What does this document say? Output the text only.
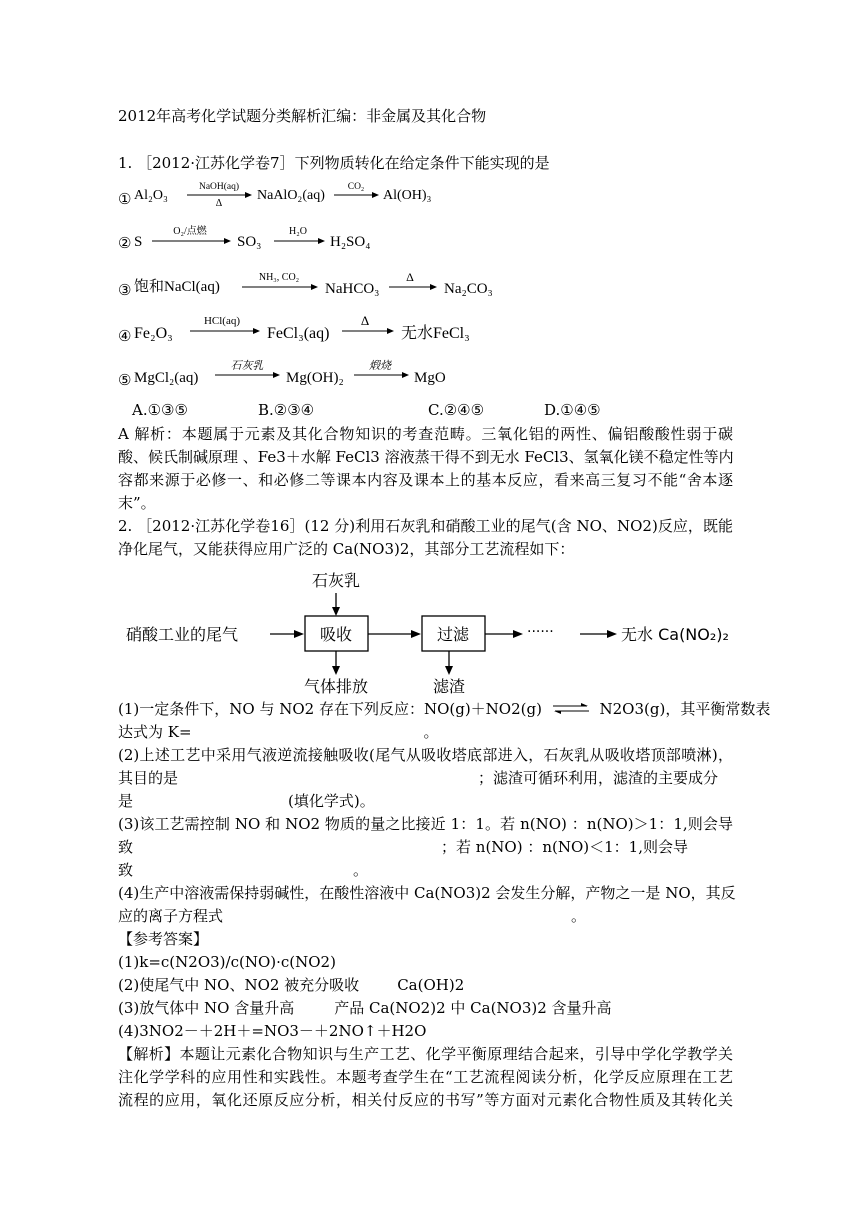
2012年高考化学试题分类解析汇编：非金属及其化合物
1. ［2012·江苏化学卷7］下列物质转化在给定条件下能实现的是
① Al₂O₃
NaOH(aq)
Δ
NaAlO₂(aq)
CO₂
Al(OH)₃
② S
O₂/点燃
SO₃
H₂O
H₂SO₄
③ 饱和NaCl(aq)
NH₃, CO₂
NaHCO₃
Δ
Na₂CO₃
④ Fe₂O₃
HCl(aq)
FeCl₃(aq)
Δ
无水FeCl₃
⑤ MgCl₂(aq)
石灰乳
Mg(OH)₂
煅烧
MgO
A.①③⑤	B.②③④	C.②④⑤	D.①④⑤
A 解析：本题属于元素及其化合物知识的考查范畴。三氧化铝的两性、偏铝酸酸性弱于碳
酸、候氏制碱原理 、Fe3＋水解 FeCl3 溶液蒸干得不到无水 FeCl3、氢氧化镁不稳定性等内
容都来源于必修一、和必修二等课本内容及课本上的基本反应，看来高三复习不能“舍本逐
末”。
2. ［2012·江苏化学卷16］(12 分)利用石灰乳和硝酸工业的尾气(含 NO、NO2)反应，既能
净化尾气，又能获得应用广泛的 Ca(NO3)2，其部分工艺流程如下：
硝酸工业的尾气	吸收
石灰乳
气体排放
过滤
滤渣
······	无水 Ca(NO₂)₂
(1)一定条件下，NO 与 NO2 存在下列反应：NO(g)＋NO2(g) ⇌ N2O3(g)，其平衡常数表
达式为 K=	。
(2)上述工艺中采用气液逆流接触吸收(尾气从吸收塔底部进入，石灰乳从吸收塔顶部喷淋)，
其目的是	；滤渣可循环利用，滤渣的主要成分
是	(填化学式)。
(3)该工艺需控制 NO 和 NO2 物质的量之比接近 1：1。若 n(NO) ：n(NO)＞1：1,则会导
致	；若 n(NO) ：n(NO)＜1：1,则会导
致	。
(4)生产中溶液需保持弱碱性，在酸性溶液中 Ca(NO3)2 会发生分解，产物之一是 NO，其反
应的离子方程式	。
【参考答案】
(1)k=c(N2O3)/c(NO)·c(NO2)
(2)使尾气中 NO、NO2 被充分吸收	Ca(OH)2
(3)放气体中 NO 含量升高	产品 Ca(NO2)2 中 Ca(NO3)2 含量升高
(4)3NO2－＋2H＋=NO3－＋2NO↑＋H2O
【解析】本题让元素化合物知识与生产工艺、化学平衡原理结合起来，引导中学化学教学关
注化学学科的应用性和实践性。本题考查学生在“工艺流程阅读分析，化学反应原理在工艺
流程的应用，氧化还原反应分析，相关付反应的书写”等方面对元素化合物性质及其转化关
